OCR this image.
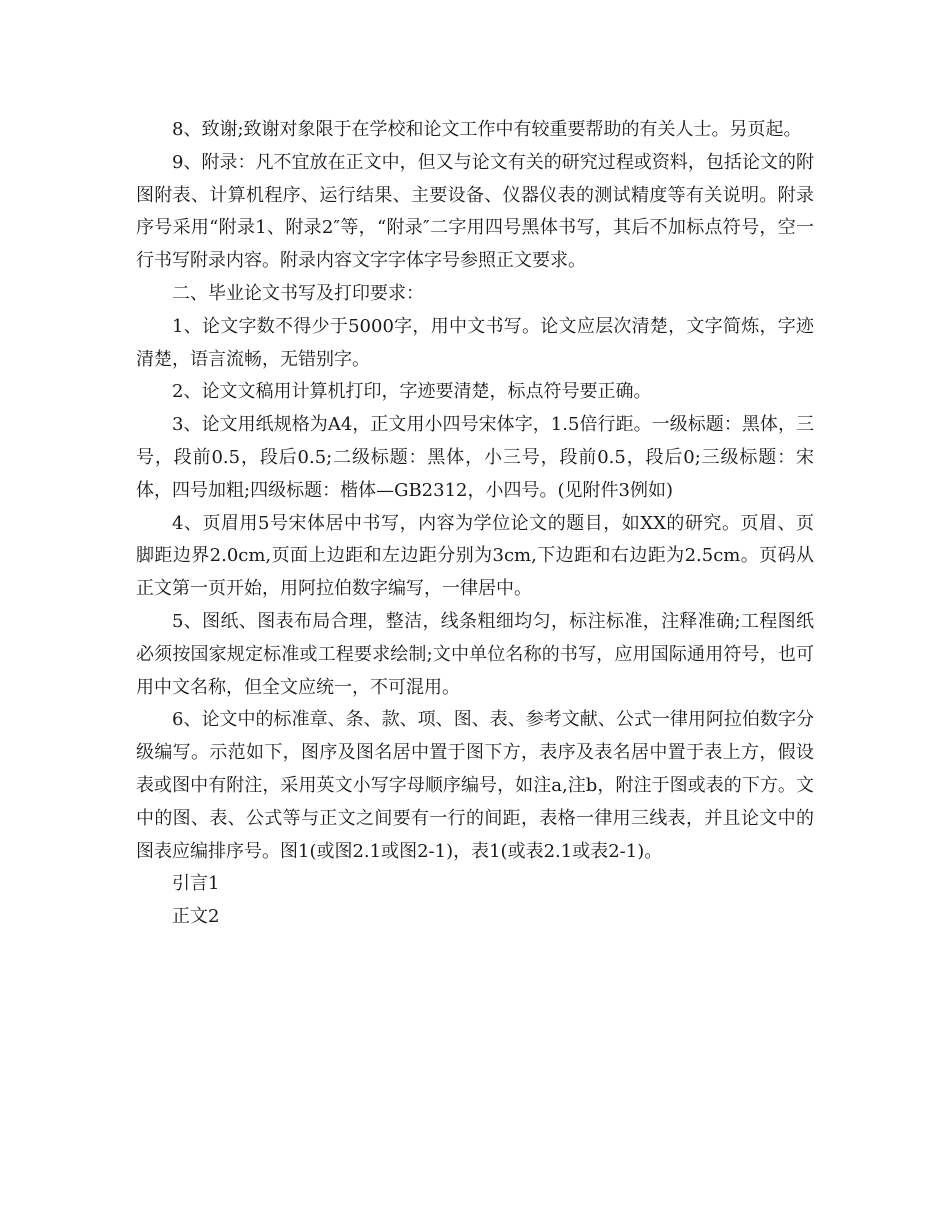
8、致谢;致谢对象限于在学校和论文工作中有较重要帮助的有关人士。另页起。

9、附录：凡不宜放在正文中，但又与论文有关的研究过程或资料，包括论文的附图附表、计算机程序、运行结果、主要设备、仪器仪表的测试精度等有关说明。附录序号采用“附录1、附录2″等，“附录″二字用四号黑体书写，其后不加标点符号，空一行书写附录内容。附录内容文字字体字号参照正文要求。

二、毕业论文书写及打印要求：

1、论文字数不得少于5000字，用中文书写。论文应层次清楚，文字简炼，字迹清楚，语言流畅，无错别字。

2、论文文稿用计算机打印，字迹要清楚，标点符号要正确。

3、论文用纸规格为A4，正文用小四号宋体字，1.5倍行距。一级标题：黑体，三号，段前0.5，段后0.5;二级标题：黑体，小三号，段前0.5，段后0;三级标题：宋体，四号加粗;四级标题：楷体—GB2312，小四号。(见附件3例如)

4、页眉用5号宋体居中书写，内容为学位论文的题目，如XX的研究。页眉、页脚距边界2.0cm,页面上边距和左边距分别为3cm,下边距和右边距为2.5cm。页码从正文第一页开始，用阿拉伯数字编写，一律居中。

5、图纸、图表布局合理，整洁，线条粗细均匀，标注标准，注释准确;工程图纸必须按国家规定标准或工程要求绘制;文中单位名称的书写，应用国际通用符号，也可用中文名称，但全文应统一，不可混用。

6、论文中的标准章、条、款、项、图、表、参考文献、公式一律用阿拉伯数字分级编写。示范如下，图序及图名居中置于图下方，表序及表名居中置于表上方，假设表或图中有附注，采用英文小写字母顺序编号，如注a,注b，附注于图或表的下方。文中的图、表、公式等与正文之间要有一行的间距，表格一律用三线表，并且论文中的图表应编排序号。图1(或图2.1或图2-1)，表1(或表2.1或表2-1)。

引言1

正文2
